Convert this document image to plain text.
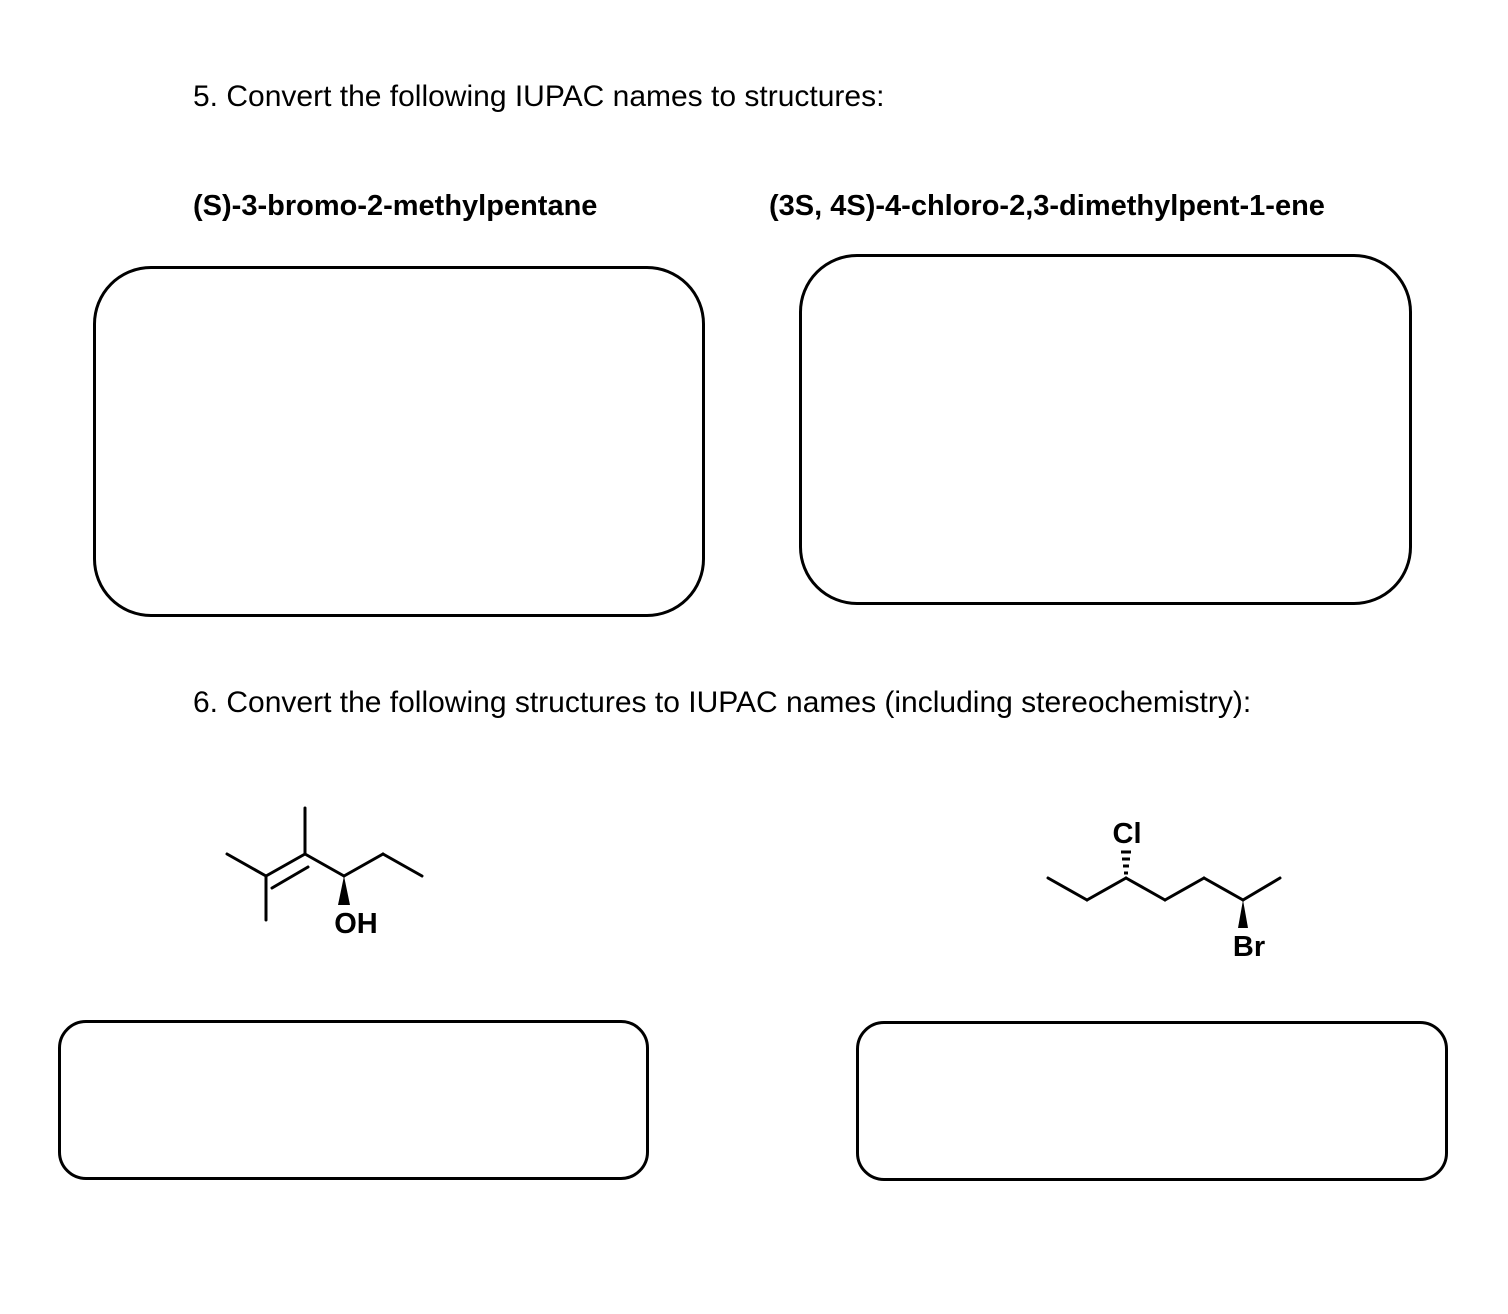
5. Convert the following IUPAC names to structures:
(S)-3-bromo-2-methylpentane	(3S, 4S)-4-chloro-2,3-dimethylpent-1-ene
6. Convert the following structures to IUPAC names (including stereochemistry):
OH
Cl
Br
